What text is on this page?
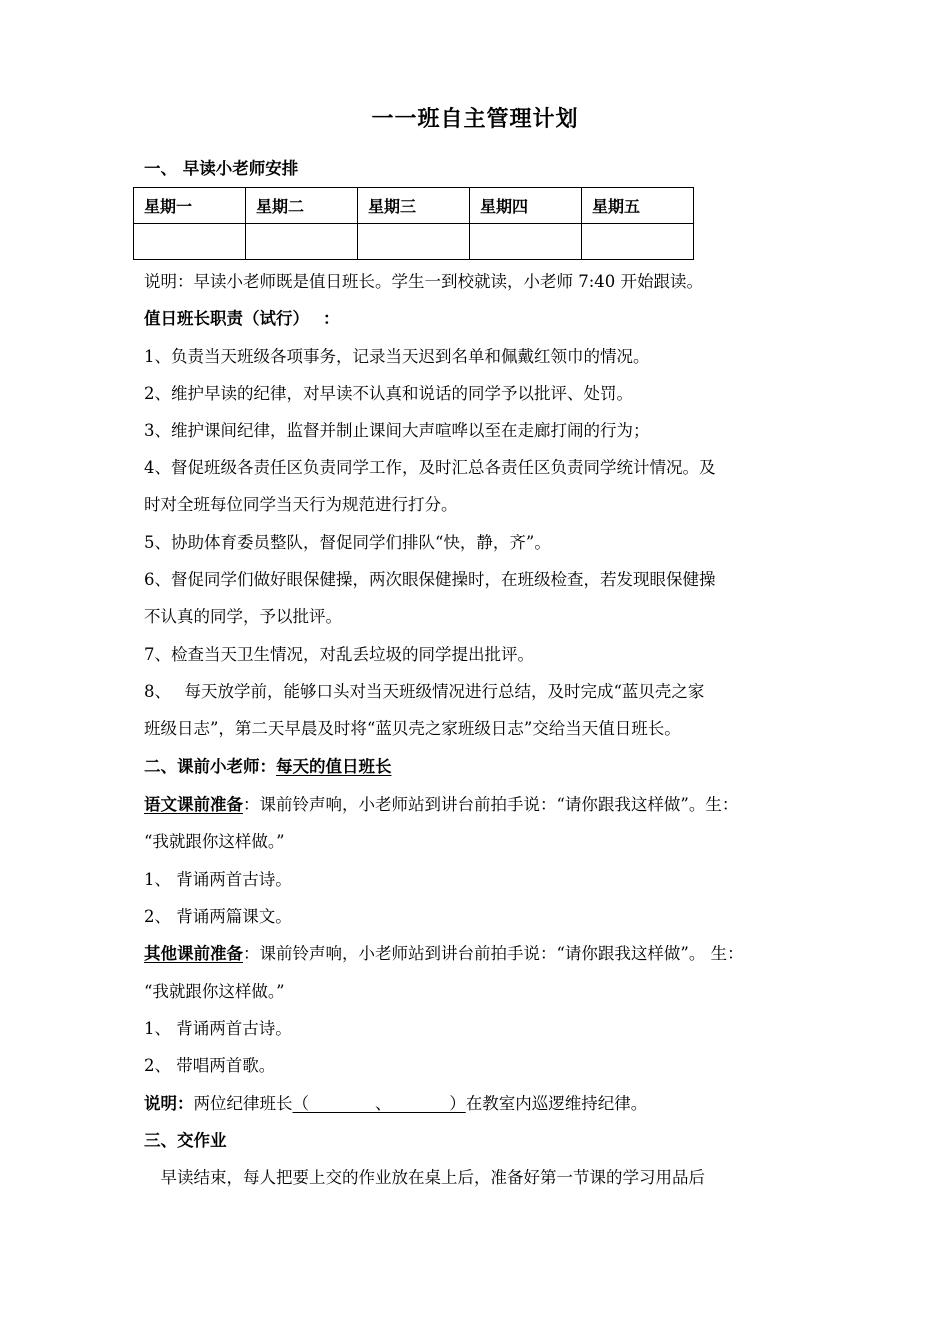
一一班自主管理计划
一、 早读小老师安排
星期一	星期二	星期三	星期四	星期五

说明：早读小老师既是值日班长。学生一到校就读，小老师 7:40 开始跟读。
值日班长职责（试行）　 ：
1、负责当天班级各项事务，记录当天迟到名单和佩戴红领巾的情况。
2、维护早读的纪律，对早读不认真和说话的同学予以批评、处罚。
3、维护课间纪律，监督并制止课间大声喧哗以至在走廊打闹的行为；
4、督促班级各责任区负责同学工作，及时汇总各责任区负责同学统计情况。及
时对全班每位同学当天行为规范进行打分。
5、协助体育委员整队，督促同学们排队“快，静，齐”。
6、督促同学们做好眼保健操，两次眼保健操时，在班级检查，若发现眼保健操
不认真的同学，予以批评。
7、检查当天卫生情况，对乱丢垃圾的同学提出批评。
8、　 每天放学前，能够口头对当天班级情况进行总结，及时完成“蓝贝壳之家
班级日志”，第二天早晨及时将“蓝贝壳之家班级日志”交给当天值日班长。
二、课前小老师：每天的值日班长
语文课前准备：课前铃声响，小老师站到讲台前拍手说：“请你跟我这样做”。生：
“我就跟你这样做。”
1、 背诵两首古诗。
2、 背诵两篇课文。
其他课前准备：课前铃声响，小老师站到讲台前拍手说：“请你跟我这样做”。 生：
“我就跟你这样做。”
1、 背诵两首古诗。
2、 带唱两首歌。
说明：两位纪律班长（　　　　、　　　　）在教室内巡逻维持纪律。
三、交作业
　早读结束，每人把要上交的作业放在桌上后，准备好第一节课的学习用品后
